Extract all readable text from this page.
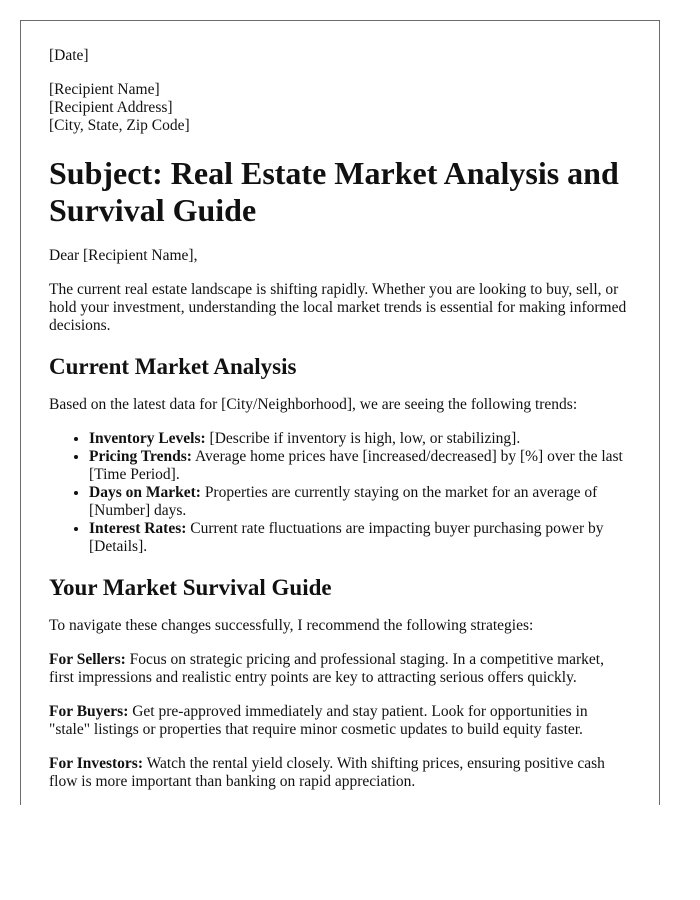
[Date]

[Recipient Name]
[Recipient Address]
[City, State, Zip Code]
Subject: Real Estate Market Analysis and Survival Guide

Dear [Recipient Name],

The current real estate landscape is shifting rapidly. Whether you are looking to buy, sell, or hold your investment, understanding the local market trends is essential for making informed decisions.

Current Market Analysis

Based on the latest data for [City/Neighborhood], we are seeing the following trends:

• Inventory Levels: [Describe if inventory is high, low, or stabilizing].
• Pricing Trends: Average home prices have [increased/decreased] by [%] over the last [Time Period].
• Days on Market: Properties are currently staying on the market for an average of [Number] days.
• Interest Rates: Current rate fluctuations are impacting buyer purchasing power by [Details].
Your Market Survival Guide

To navigate these changes successfully, I recommend the following strategies:

For Sellers: Focus on strategic pricing and professional staging. In a competitive market, first impressions and realistic entry points are key to attracting serious offers quickly.

For Buyers: Get pre-approved immediately and stay patient. Look for opportunities in "stale" listings or properties that require minor cosmetic updates to build equity faster.

For Investors: Watch the rental yield closely. With shifting prices, ensuring positive cash flow is more important than banking on rapid appreciation.
